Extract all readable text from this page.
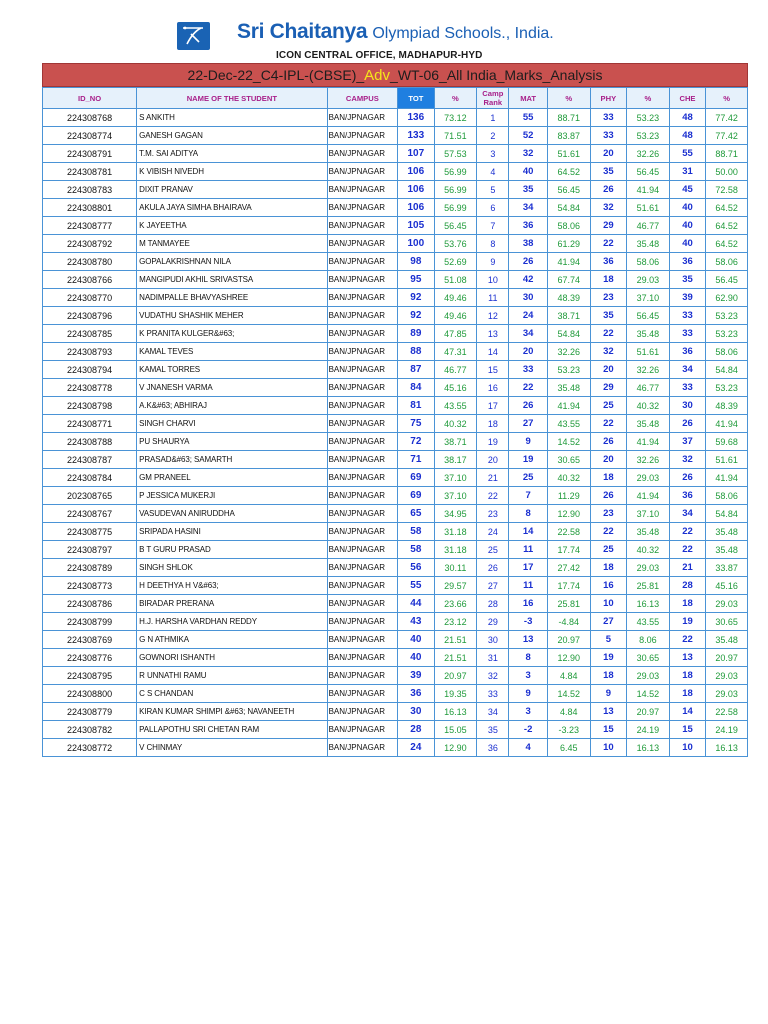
Sri Chaitanya Olympiad Schools., India.
ICON CENTRAL OFFICE, MADHAPUR-HYD
22-Dec-22_C4-IPL-(CBSE)_Adv_WT-06_All India_Marks_Analysis
ID_NO	NAME OF THE STUDENT	CAMPUS	TOT	%	Camp Rank	MAT	%	PHY	%	CHE	%
224308768	S ANKITH	BAN/JPNAGAR	136	73.12	1	55	88.71	33	53.23	48	77.42
224308774	GANESH GAGAN	BAN/JPNAGAR	133	71.51	2	52	83.87	33	53.23	48	77.42
224308791	T.M. SAI ADITYA	BAN/JPNAGAR	107	57.53	3	32	51.61	20	32.26	55	88.71
224308781	K VIBISH NIVEDH	BAN/JPNAGAR	106	56.99	4	40	64.52	35	56.45	31	50.00
224308783	DIXIT PRANAV	BAN/JPNAGAR	106	56.99	5	35	56.45	26	41.94	45	72.58
224308801	AKULA JAYA SIMHA BHAIRAVA	BAN/JPNAGAR	106	56.99	6	34	54.84	32	51.61	40	64.52
224308777	K JAYEETHA	BAN/JPNAGAR	105	56.45	7	36	58.06	29	46.77	40	64.52
224308792	M TANMAYEE	BAN/JPNAGAR	100	53.76	8	38	61.29	22	35.48	40	64.52
224308780	GOPALAKRISHNAN NILA	BAN/JPNAGAR	98	52.69	9	26	41.94	36	58.06	36	58.06
224308766	MANGIPUDI AKHIL SRIVASTSA	BAN/JPNAGAR	95	51.08	10	42	67.74	18	29.03	35	56.45
224308770	NADIMPALLE BHAVYASHREE	BAN/JPNAGAR	92	49.46	11	30	48.39	23	37.10	39	62.90
224308796	VUDATHU SHASHIK MEHER	BAN/JPNAGAR	92	49.46	12	24	38.71	35	56.45	33	53.23
224308785	K PRANITA KULGER&#63;	BAN/JPNAGAR	89	47.85	13	34	54.84	22	35.48	33	53.23
224308793	KAMAL TEVES	BAN/JPNAGAR	88	47.31	14	20	32.26	32	51.61	36	58.06
224308794	KAMAL TORRES	BAN/JPNAGAR	87	46.77	15	33	53.23	20	32.26	34	54.84
224308778	V JNANESH VARMA	BAN/JPNAGAR	84	45.16	16	22	35.48	29	46.77	33	53.23
224308798	A.K&#63; ABHIRAJ	BAN/JPNAGAR	81	43.55	17	26	41.94	25	40.32	30	48.39
224308771	SINGH CHARVI	BAN/JPNAGAR	75	40.32	18	27	43.55	22	35.48	26	41.94
224308788	PU SHAURYA	BAN/JPNAGAR	72	38.71	19	9	14.52	26	41.94	37	59.68
224308787	PRASAD&#63; SAMARTH	BAN/JPNAGAR	71	38.17	20	19	30.65	20	32.26	32	51.61
224308784	GM PRANEEL	BAN/JPNAGAR	69	37.10	21	25	40.32	18	29.03	26	41.94
202308765	P JESSICA MUKERJI	BAN/JPNAGAR	69	37.10	22	7	11.29	26	41.94	36	58.06
224308767	VASUDEVAN ANIRUDDHA	BAN/JPNAGAR	65	34.95	23	8	12.90	23	37.10	34	54.84
224308775	SRIPADA HASINI	BAN/JPNAGAR	58	31.18	24	14	22.58	22	35.48	22	35.48
224308797	B T GURU PRASAD	BAN/JPNAGAR	58	31.18	25	11	17.74	25	40.32	22	35.48
224308789	SINGH SHLOK	BAN/JPNAGAR	56	30.11	26	17	27.42	18	29.03	21	33.87
224308773	H DEETHYA H V&#63;	BAN/JPNAGAR	55	29.57	27	11	17.74	16	25.81	28	45.16
224308786	BIRADAR PRERANA	BAN/JPNAGAR	44	23.66	28	16	25.81	10	16.13	18	29.03
224308799	H.J. HARSHA VARDHAN REDDY	BAN/JPNAGAR	43	23.12	29	-3	-4.84	27	43.55	19	30.65
224308769	G N ATHMIKA	BAN/JPNAGAR	40	21.51	30	13	20.97	5	8.06	22	35.48
224308776	GOWNORI ISHANTH	BAN/JPNAGAR	40	21.51	31	8	12.90	19	30.65	13	20.97
224308795	R UNNATHI RAMU	BAN/JPNAGAR	39	20.97	32	3	4.84	18	29.03	18	29.03
224308800	C S CHANDAN	BAN/JPNAGAR	36	19.35	33	9	14.52	9	14.52	18	29.03
224308779	KIRAN KUMAR SHIMPI &#63; NAVANEETH	BAN/JPNAGAR	30	16.13	34	3	4.84	13	20.97	14	22.58
224308782	PALLAPOTHU SRI CHETAN RAM	BAN/JPNAGAR	28	15.05	35	-2	-3.23	15	24.19	15	24.19
224308772	V CHINMAY	BAN/JPNAGAR	24	12.90	36	4	6.45	10	16.13	10	16.13
